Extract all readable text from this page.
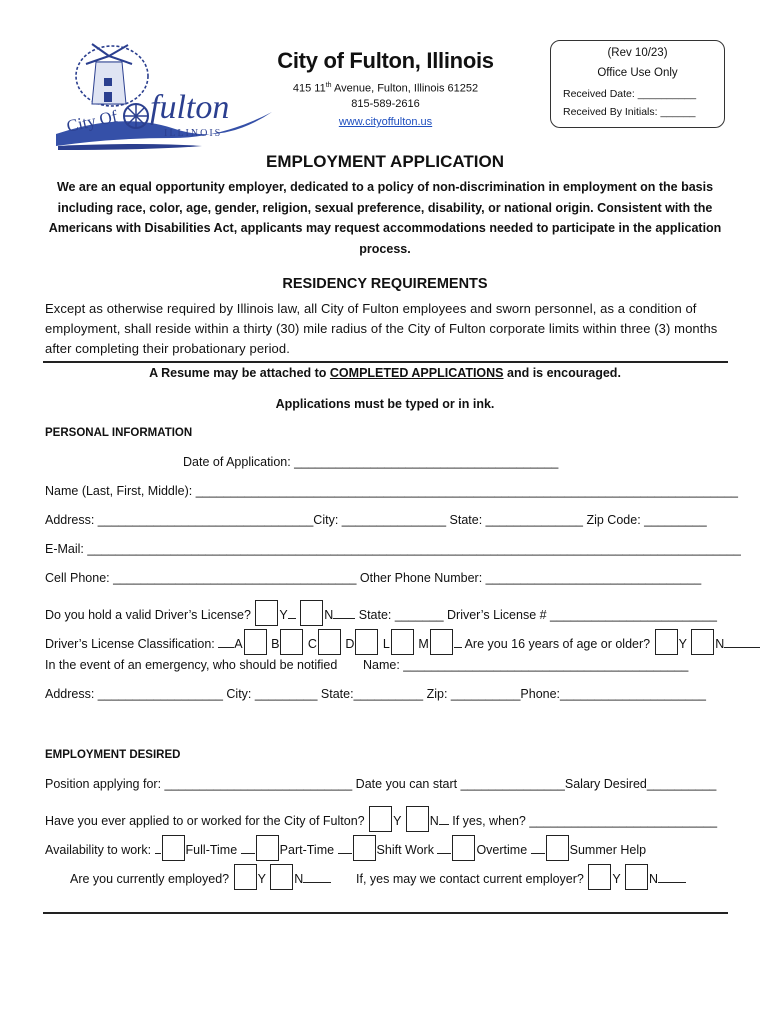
City Of fulton
ILLINOIS
City of Fulton, Illinois
415 11th Avenue, Fulton, Illinois 61252
815-589-2616
www.cityoffulton.us
(Rev 10/23)
Office Use Only
Received Date: __________
Received By Initials: ______
EMPLOYMENT APPLICATION
We are an equal opportunity employer, dedicated to a policy of non-discrimination in employment on the basis including race, color, age, gender, religion, sexual preference, disability, or national origin. Consistent with the Americans with Disabilities Act, applicants may request accommodations needed to participate in the application process.
RESIDENCY REQUIREMENTS
Except as otherwise required by Illinois law, all City of Fulton employees and sworn personnel, as a condition of employment, shall reside within a thirty (30) mile radius of the City of Fulton corporate limits within three (3) months after completing their probationary period.
A Resume may be attached to COMPLETED APPLICATIONS and is encouraged.
Applications must be typed or in ink.
PERSONAL INFORMATION
Date of Application: ______________________________________
Name (Last, First, Middle): ______________________________________________________________________________
Address: _______________________________City: _______________ State: ______________ Zip Code: _________
E-Mail: ______________________________________________________________________________________________
Cell Phone: ___________________________________ Other Phone Number: _______________________________
Do you hold a valid Driver’s License? Y	N State: _______ Driver’s License # ________________________
Driver’s License Classification: A B C D L M	Are you 16 years of age or older? Y N
In the event of an emergency, who should be notified Name: _________________________________________
Address: __________________ City: _________ State:__________ Zip: __________Phone:_____________________
EMPLOYMENT DESIRED
Position applying for: ___________________________ Date you can start _______________Salary Desired__________
Have you ever applied to or worked for the City of Fulton? Y N If yes, when? ___________________________
Availability to work:	Full-Time	Part-Time	Shift Work	Overtime	Summer Help
Are you currently employed? Y N	If, yes may we contact current employer? Y N
